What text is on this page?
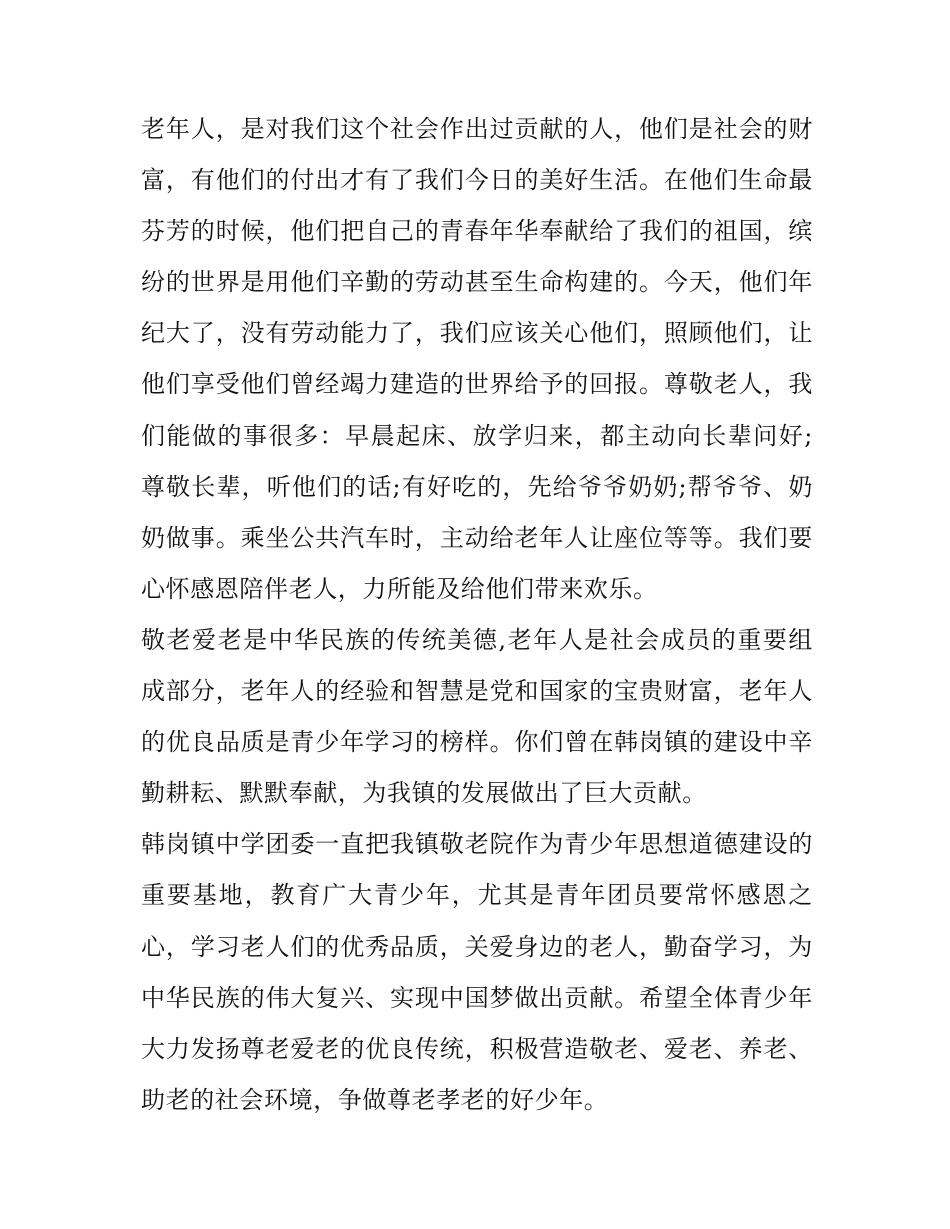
老年人，是对我们这个社会作出过贡献的人，他们是社会的财
富，有他们的付出才有了我们今日的美好生活。在他们生命最
芬芳的时候，他们把自己的青春年华奉献给了我们的祖国，缤
纷的世界是用他们辛勤的劳动甚至生命构建的。今天，他们年
纪大了，没有劳动能力了，我们应该关心他们，照顾他们，让
他们享受他们曾经竭力建造的世界给予的回报。尊敬老人，我
们能做的事很多：早晨起床、放学归来，都主动向长辈问好;
尊敬长辈，听他们的话;有好吃的，先给爷爷奶奶;帮爷爷、奶
奶做事。乘坐公共汽车时，主动给老年人让座位等等。我们要
心怀感恩陪伴老人，力所能及给他们带来欢乐。
敬老爱老是中华民族的传统美德,老年人是社会成员的重要组
成部分，老年人的经验和智慧是党和国家的宝贵财富，老年人
的优良品质是青少年学习的榜样。你们曾在韩岗镇的建设中辛
勤耕耘、默默奉献，为我镇的发展做出了巨大贡献。
韩岗镇中学团委一直把我镇敬老院作为青少年思想道德建设的
重要基地，教育广大青少年，尤其是青年团员要常怀感恩之
心，学习老人们的优秀品质，关爱身边的老人，勤奋学习，为
中华民族的伟大复兴、实现中国梦做出贡献。希望全体青少年
大力发扬尊老爱老的优良传统，积极营造敬老、爱老、养老、
助老的社会环境，争做尊老孝老的好少年。
